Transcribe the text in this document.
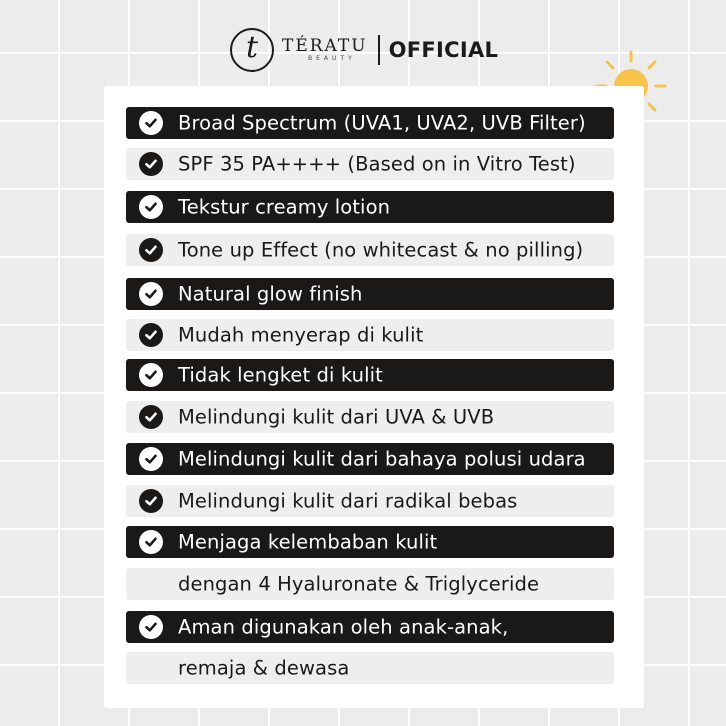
t TÉRATU
BEAUTY OFFICIAL
Broad Spectrum (UVA1, UVA2, UVB Filter)
SPF 35 PA++++ (Based on in Vitro Test)
Tekstur creamy lotion
Tone up Effect (no whitecast & no pilling)
Natural glow finish
Mudah menyerap di kulit
Tidak lengket di kulit
Melindungi kulit dari UVA & UVB
Melindungi kulit dari bahaya polusi udara
Melindungi kulit dari radikal bebas
Menjaga kelembaban kulit
dengan 4 Hyaluronate & Triglyceride
Aman digunakan oleh anak-anak,
remaja & dewasa
